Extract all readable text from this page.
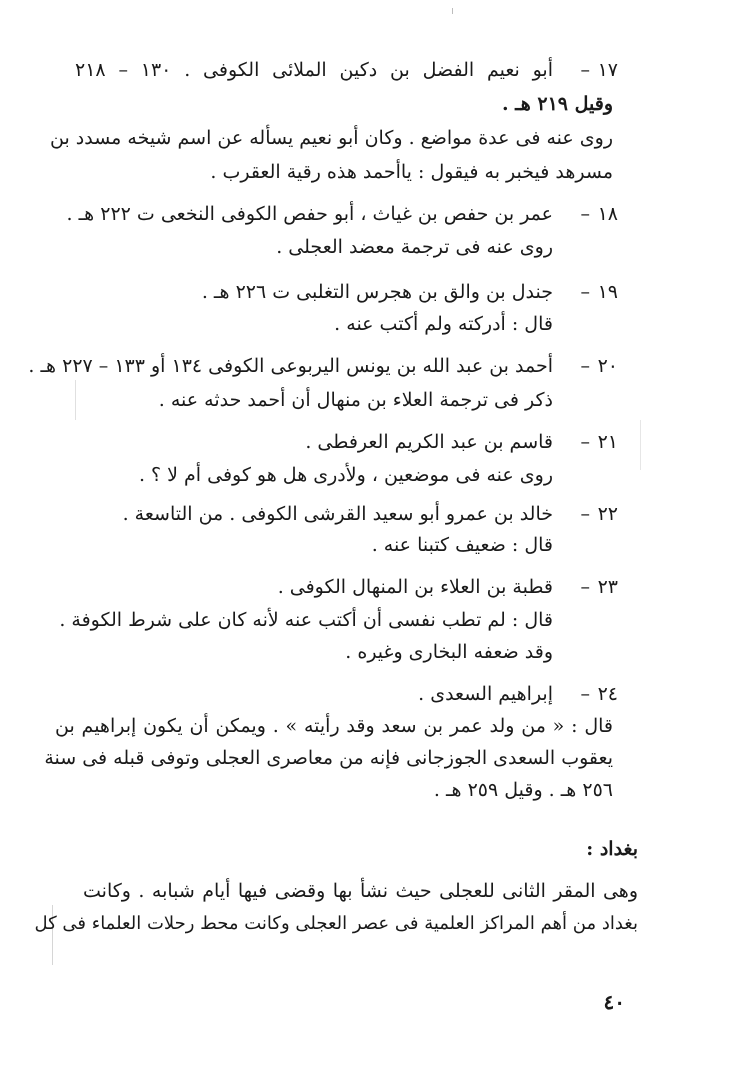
١٧–
أبو نعيم الفضل بن دكين الملائى الكوفى . ١٣٠ – ٢١٨
وقيل ٢١٩ هـ .
روى عنه فى عدة مواضع . وكان أبو نعيم يسأله عن اسم شيخه مسدد بن
مسرهد فيخبر به فيقول : ياأحمد هذه رقية العقرب .
١٨–
عمر بن حفص بن غياث ، أبو حفص الكوفى النخعى ت ٢٢٢ هـ .
روى عنه فى ترجمة معضد العجلى .
١٩–
جندل بن والق بن هجرس التغلبى ت ٢٢٦ هـ .
قال : أدركته ولم أكتب عنه .
٢٠–
أحمد بن عبد الله بن يونس اليربوعى الكوفى ١٣٤ أو ١٣٣ – ٢٢٧ هـ .
ذكر فى ترجمة العلاء بن منهال أن أحمد حدثه عنه .
٢١–
قاسم بن عبد الكريم العرفطى .
روى عنه فى موضعين ، ولأدرى هل هو كوفى أم لا ؟ .
٢٢–
خالد بن عمرو أبو سعيد القرشى الكوفى . من التاسعة .
قال : ضعيف كتبنا عنه .
٢٣–
قطبة بن العلاء بن المنهال الكوفى .
قال : لم تطب نفسى أن أكتب عنه لأنه كان على شرط الكوفة .
وقد ضعفه البخارى وغيره .
٢٤–
إبراهيم السعدى .
قال : « من ولد عمر بن سعد وقد رأيته » . ويمكن أن يكون إبراهيم بن
يعقوب السعدى الجوزجانى فإنه من معاصرى العجلى وتوفى قبله فى سنة
٢٥٦ هـ . وقيل ٢٥٩ هـ .
بغداد :
وهى المقر الثانى للعجلى حيث نشأ بها وقضى فيها أيام شبابه . وكانت
بغداد من أهم المراكز العلمية فى عصر العجلى وكانت محط رحلات العلماء فى كل
٤٠
